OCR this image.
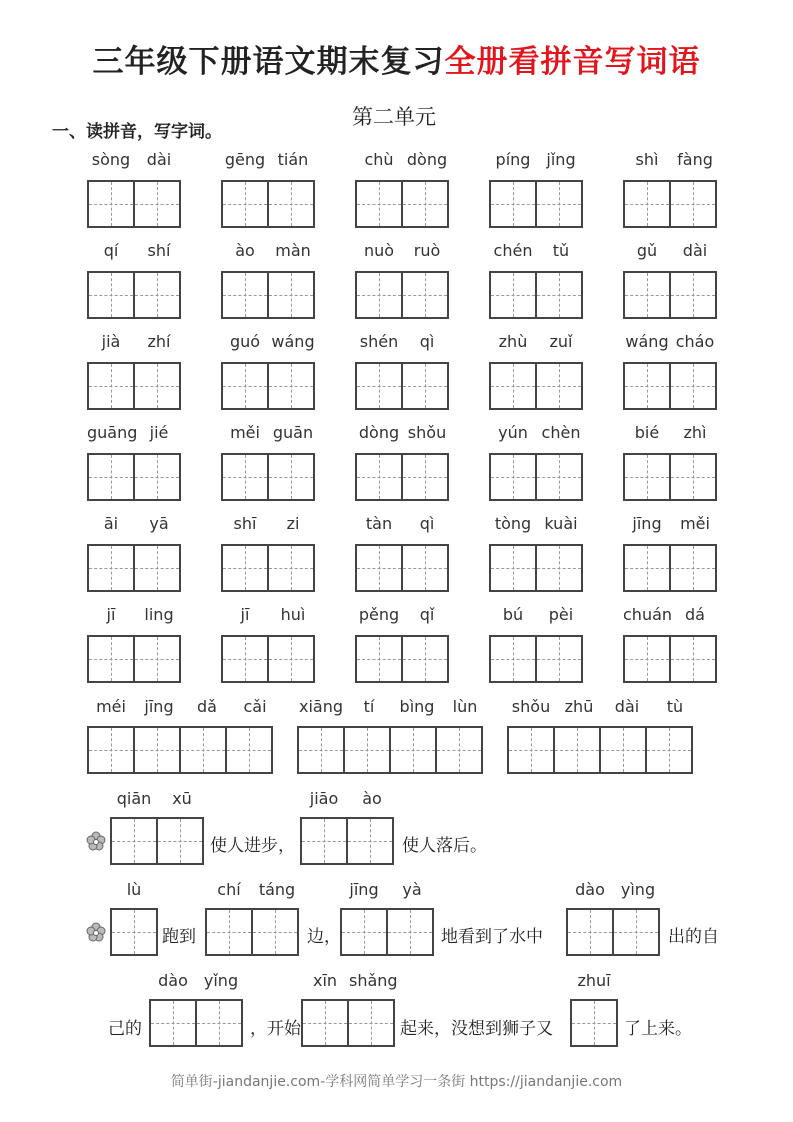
三年级下册语文期末复习全册看拼音写词语
一、读拼音，写字词。
第二单元
sòng	dài	gēng tián	chù dòng	píng jǐng	shì	fàng
qí	shí	ào	màn	nuò	ruò	chén	tǔ	gǔ	dài
jià	zhí	guó wáng	shén	qì	zhù	zuǐ	wáng cháo
guāng jié	měi guān	dòng shǒu	yún chèn	bié	zhì
āi	yā	shī	zi	tàn	qì	tòng kuài	jīng	měi
jī	ling	jī	huì	pěng	qǐ	bú	pèi	chuán dá
méi	jīng	dǎ	cǎi	xiāng	tí	bìng	lùn	shǒu zhū	dài	tù
qiān	xū
使人进步，
jiāo	ào
使人落后。
lù
跑到
chí	táng
边，
jīng	yà
地看到了水中
dào	yìng
出的自
己的
dào	yǐng
，开始
xīn shǎng
起来，没想到狮子又
zhuī
了上来。
简单街-jiandanjie.com-学科网简单学习一条街 https://jiandanjie.com
